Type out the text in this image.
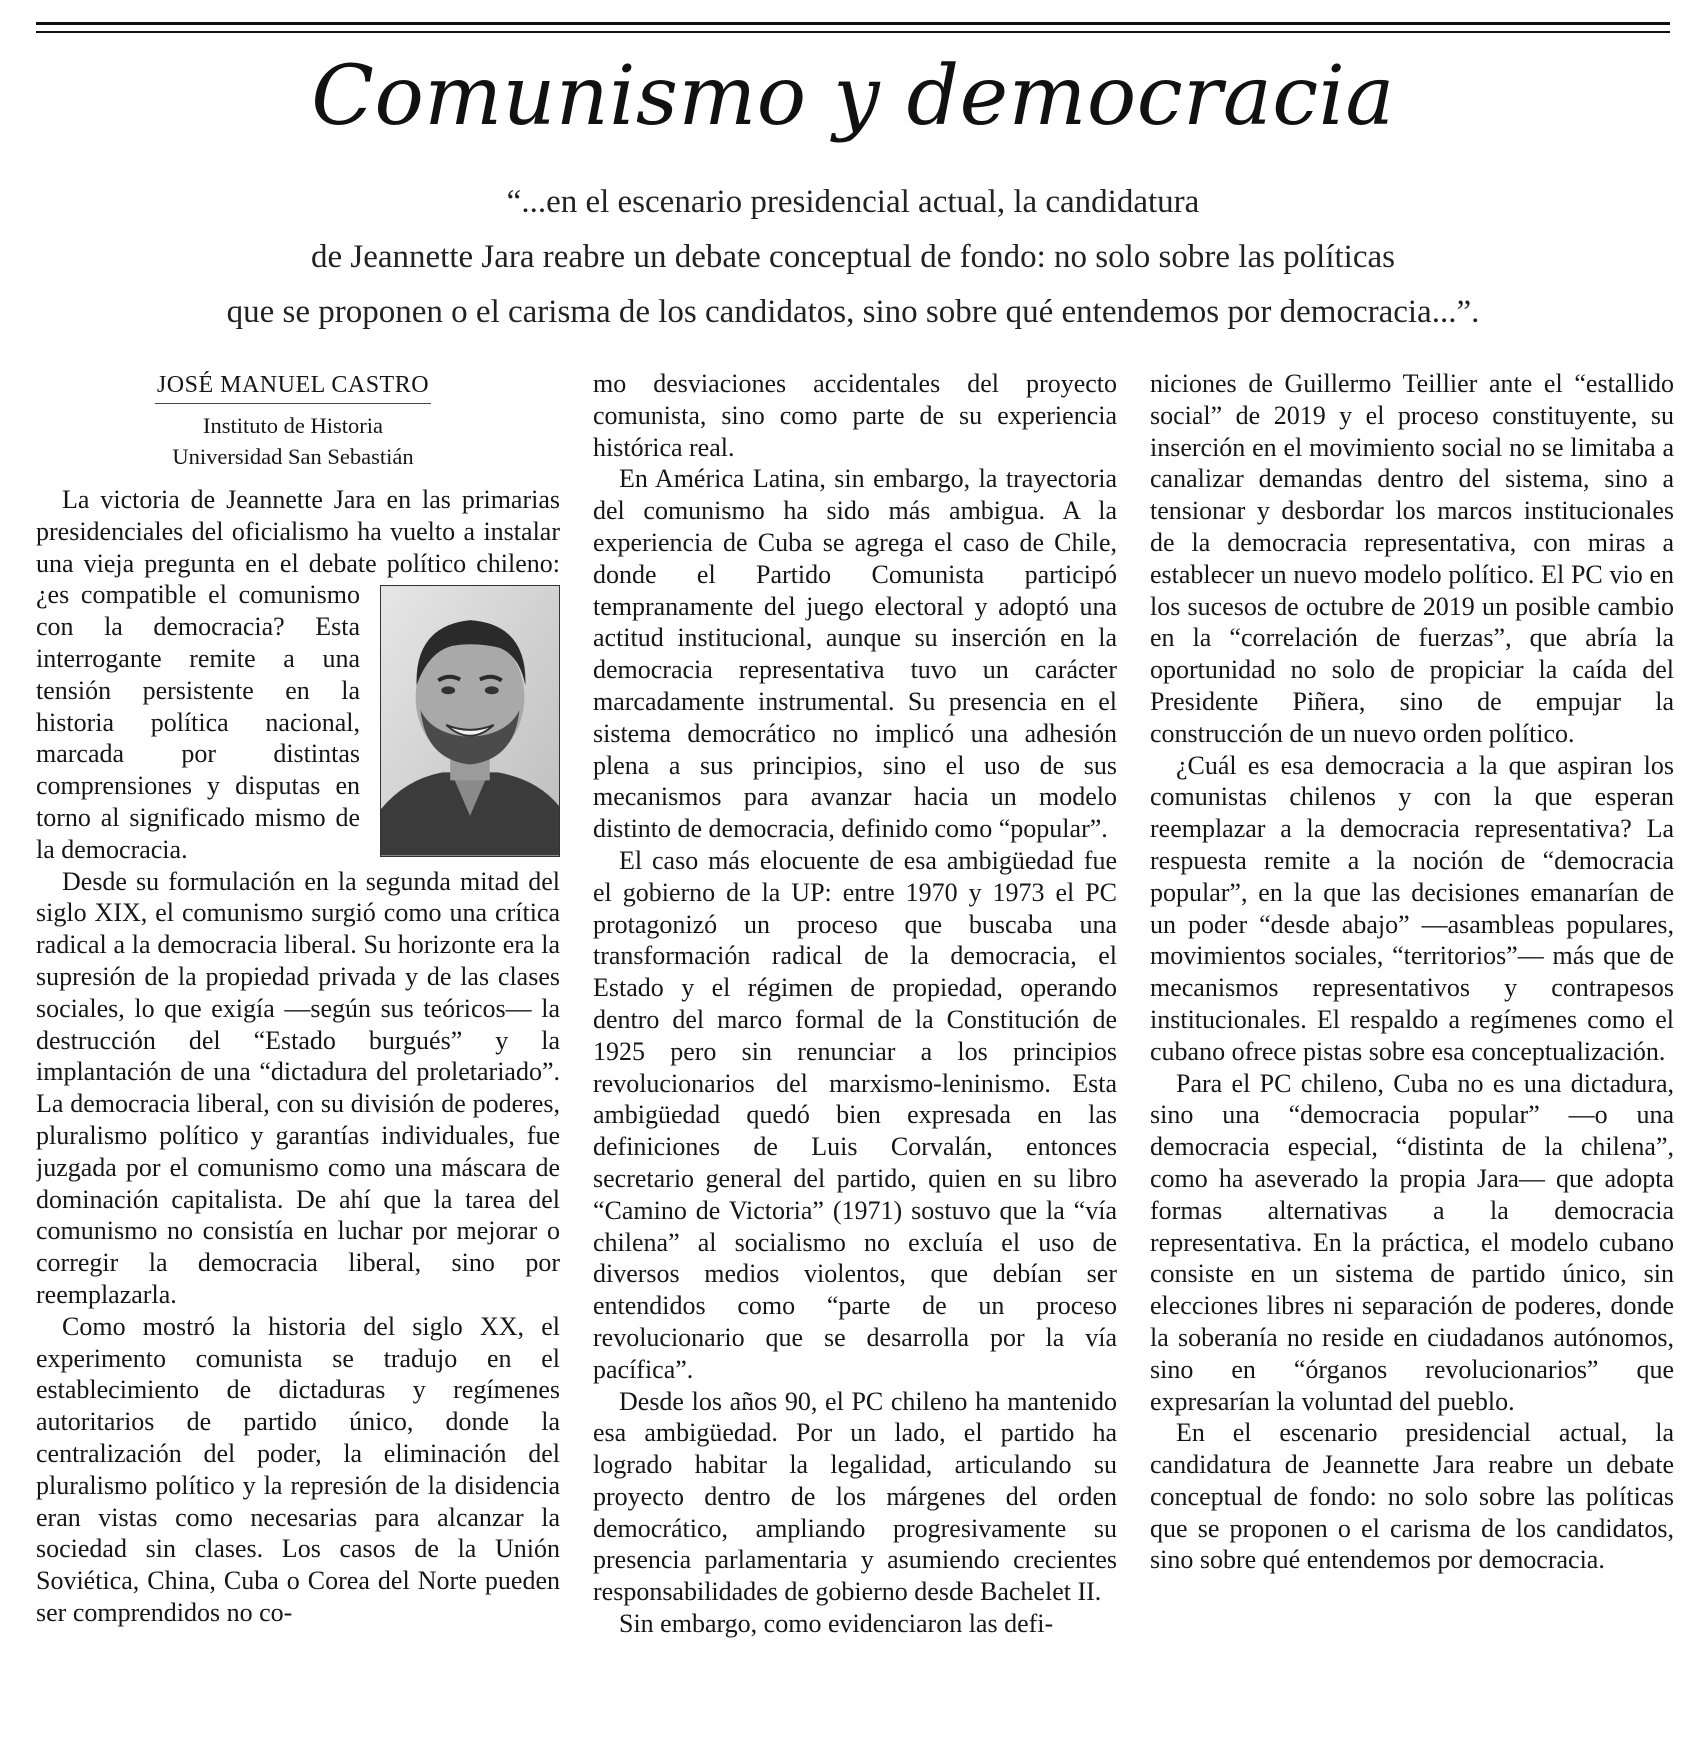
Comunismo y democracia

“...en el escenario presidencial actual, la candidatura
de Jeannette Jara reabre un debate conceptual de fondo: no solo sobre las políticas
que se proponen o el carisma de los candidatos, sino sobre qué entendemos por democracia...”.

JOSÉ MANUEL CASTRO
Instituto de Historia
Universidad San Sebastián

La victoria de Jeannette Jara en las primarias presidenciales del oficialismo ha vuelto a instalar una vieja pregunta en el debate político chileno:
¿es compatible el comunismo con la democracia? Esta interrogante remite a una tensión persistente en la historia política nacional, marcada por distintas comprensiones y disputas en torno al significado mismo de la democracia.

Desde su formulación en la segunda mitad del siglo XIX, el comunismo surgió como una crítica radical a la democracia liberal. Su horizonte era la supresión de la propiedad privada y de las clases sociales, lo que exigía —según sus teóricos— la destrucción del “Estado burgués” y la implantación de una “dictadura del proletariado”. La democracia liberal, con su división de poderes, pluralismo político y garantías individuales, fue juzgada por el comunismo como una máscara de dominación capitalista. De ahí que la tarea del comunismo no consistía en luchar por mejorar o corregir la democracia liberal, sino por reemplazarla.

Como mostró la historia del siglo XX, el experimento comunista se tradujo en el establecimiento de dictaduras y regímenes autoritarios de partido único, donde la centralización del poder, la eliminación del pluralismo político y la represión de la disidencia eran vistas como necesarias para alcanzar la sociedad sin clases. Los casos de la Unión Soviética, China, Cuba o Corea del Norte pueden ser comprendidos no co-

mo desviaciones accidentales del proyecto comunista, sino como parte de su experiencia histórica real.

En América Latina, sin embargo, la trayectoria del comunismo ha sido más ambigua. A la experiencia de Cuba se agrega el caso de Chile, donde el Partido Comunista participó tempranamente del juego electoral y adoptó una actitud institucional, aunque su inserción en la democracia representativa tuvo un carácter marcadamente instrumental. Su presencia en el sistema democrático no implicó una adhesión plena a sus principios, sino el uso de sus mecanismos para avanzar hacia un modelo distinto de democracia, definido como “popular”.

El caso más elocuente de esa ambigüedad fue el gobierno de la UP: entre 1970 y 1973 el PC protagonizó un proceso que buscaba una transformación radical de la democracia, el Estado y el régimen de propiedad, operando dentro del marco formal de la Constitución de 1925 pero sin renunciar a los principios revolucionarios del marxismo-leninismo. Esta ambigüedad quedó bien expresada en las definiciones de Luis Corvalán, entonces secretario general del partido, quien en su libro “Camino de Victoria” (1971) sostuvo que la “vía chilena” al socialismo no excluía el uso de diversos medios violentos, que debían ser entendidos como “parte de un proceso revolucionario que se desarrolla por la vía pacífica”.

Desde los años 90, el PC chileno ha mantenido esa ambigüedad. Por un lado, el partido ha logrado habitar la legalidad, articulando su proyecto dentro de los márgenes del orden democrático, ampliando progresivamente su presencia parlamentaria y asumiendo crecientes responsabilidades de gobierno desde Bachelet II.

Sin embargo, como evidenciaron las defi-

niciones de Guillermo Teillier ante el “estallido social” de 2019 y el proceso constituyente, su inserción en el movimiento social no se limitaba a canalizar demandas dentro del sistema, sino a tensionar y desbordar los marcos institucionales de la democracia representativa, con miras a establecer un nuevo modelo político. El PC vio en los sucesos de octubre de 2019 un posible cambio en la “correlación de fuerzas”, que abría la oportunidad no solo de propiciar la caída del Presidente Piñera, sino de empujar la construcción de un nuevo orden político.

¿Cuál es esa democracia a la que aspiran los comunistas chilenos y con la que esperan reemplazar a la democracia representativa? La respuesta remite a la noción de “democracia popular”, en la que las decisiones emanarían de un poder “desde abajo” —asambleas populares, movimientos sociales, “territorios”— más que de mecanismos representativos y contrapesos institucionales. El respaldo a regímenes como el cubano ofrece pistas sobre esa conceptualización.

Para el PC chileno, Cuba no es una dictadura, sino una “democracia popular” —o una democracia especial, “distinta de la chilena”, como ha aseverado la propia Jara— que adopta formas alternativas a la democracia representativa. En la práctica, el modelo cubano consiste en un sistema de partido único, sin elecciones libres ni separación de poderes, donde la soberanía no reside en ciudadanos autónomos, sino en “órganos revolucionarios” que expresarían la voluntad del pueblo.

En el escenario presidencial actual, la candidatura de Jeannette Jara reabre un debate conceptual de fondo: no solo sobre las políticas que se proponen o el carisma de los candidatos, sino sobre qué entendemos por democracia.
